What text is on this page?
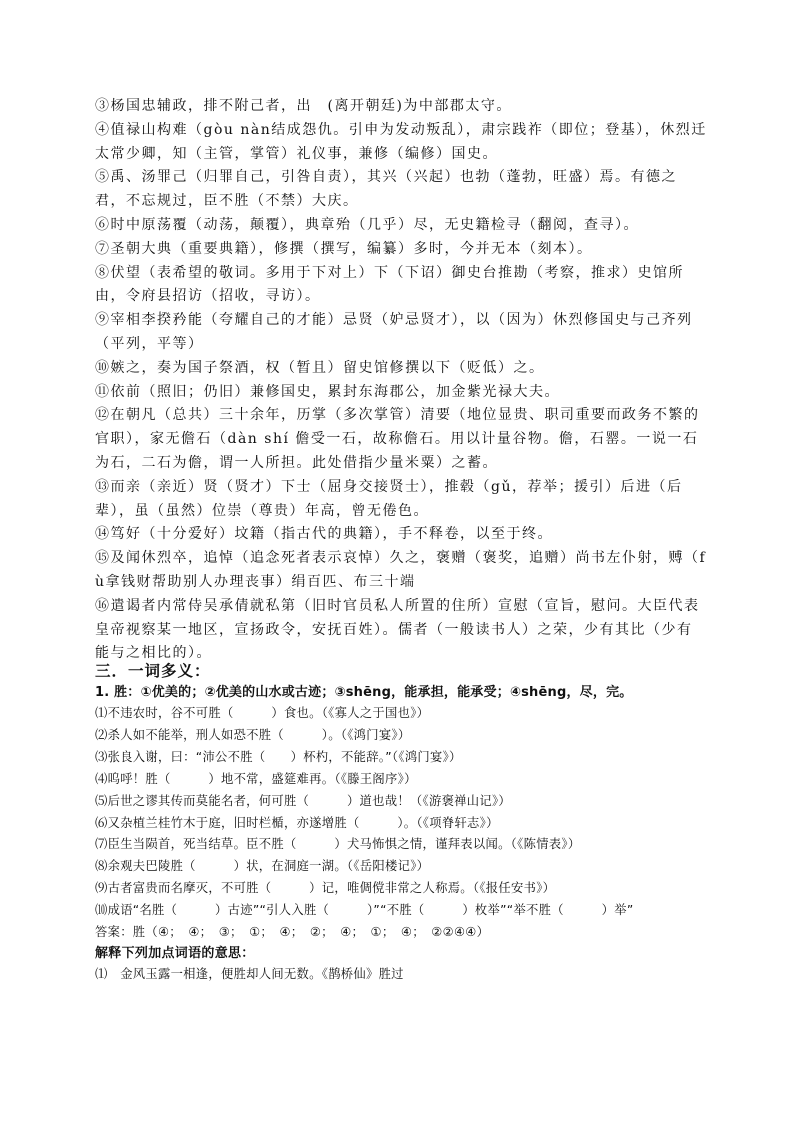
③杨国忠辅政，排不附己者，出　(离开朝廷)为中部郡太守。

④值禄山构难（gòu nàn结成怨仇。引申为发动叛乱），肃宗践祚（即位；登基），休烈迁太常少卿，知（主管，掌管）礼仪事，兼修（编修）国史。

⑤禹、汤罪己（归罪自己，引咎自责），其兴（兴起）也勃（蓬勃，旺盛）焉。有德之君，不忘规过，臣不胜（不禁）大庆。

⑥时中原荡覆（动荡，颠覆），典章殆（几乎）尽，无史籍检寻（翻阅，查寻）。

⑦圣朝大典（重要典籍），修撰（撰写，编纂）多时，今并无本（刻本）。

⑧伏望（表希望的敬词。多用于下对上）下（下诏）御史台推勘（考察，推求）史馆所由，令府县招访（招收，寻访）。

⑨宰相李揆矜能（夸耀自己的才能）忌贤（妒忌贤才），以（因为）休烈修国史与己齐列（平列，平等）

⑩嫉之，奏为国子祭酒，权（暂且）留史馆修撰以下（贬低）之。

⑪依前（照旧；仍旧）兼修国史，累封东海郡公，加金紫光禄大夫。

⑫在朝凡（总共）三十余年，历掌（多次掌管）清要（地位显贵、职司重要而政务不繁的官职），家无儋石（dàn shí 儋受一石，故称儋石。用以计量谷物。儋，石罂。一说一石为石，二石为儋，谓一人所担。此处借指少量米粟）之蓄。

⑬而亲（亲近）贤（贤才）下士（屈身交接贤士），推毂（gǔ，荐举；援引）后进（后辈），虽（虽然）位崇（尊贵）年高，曾无倦色。

⑭笃好（十分爱好）坟籍（指古代的典籍），手不释卷，以至于终。

⑮及闻休烈卒，追悼（追念死者表示哀悼）久之，褒赠（褒奖，追赠）尚书左仆射，赙（fù拿钱财帮助别人办理丧事）绢百匹、布三十端

⑯遣谒者内常侍吴承倩就私第（旧时官员私人所置的住所）宣慰（宣旨，慰问。大臣代表皇帝视察某一地区，宣扬政令，安抚百姓）。儒者（一般读书人）之荣，少有其比（少有能与之相比的）。

三．一词多义：

1. 胜：①优美的；②优美的山水或古迹；③shēng，能承担，能承受；④shēng，尽，完。

⑴不违农时，谷不可胜（　　　）食也。（《寡人之于国也》）

⑵杀人如不能举，刑人如恐不胜（　　　）。（《鸿门宴》）

⑶张良入谢，曰：“沛公不胜（　　）杯杓，不能辞。”（《鸿门宴》）

⑷呜呼！胜（　　　）地不常，盛筵难再。（《滕王阁序》）

⑸后世之谬其传而莫能名者，何可胜（　　　）道也哉！（《游褒禅山记》）

⑹又杂植兰桂竹木于庭，旧时栏楯，亦遂增胜（　　　）。（《项脊轩志》）

⑺臣生当陨首，死当结草。臣不胜（　　　）犬马怖惧之情，谨拜表以闻。（《陈情表》）

⑻余观夫巴陵胜（　　　）状，在洞庭一湖。（《岳阳楼记》）

⑼古者富贵而名摩灭，不可胜（　　　）记，唯倜傥非常之人称焉。（《报任安书》）

⑽成语“名胜（　　　）古迹”“引人入胜（　　　）”“不胜（　　　）枚举”“举不胜（　　　）举”

答案：胜（④；　④；　③；　①；　④；　②；　④；　①；　④；　②②④④）

解释下列加点词语的意思：

⑴　金风玉露一相逢，便胜却人间无数。《鹊桥仙》胜过
